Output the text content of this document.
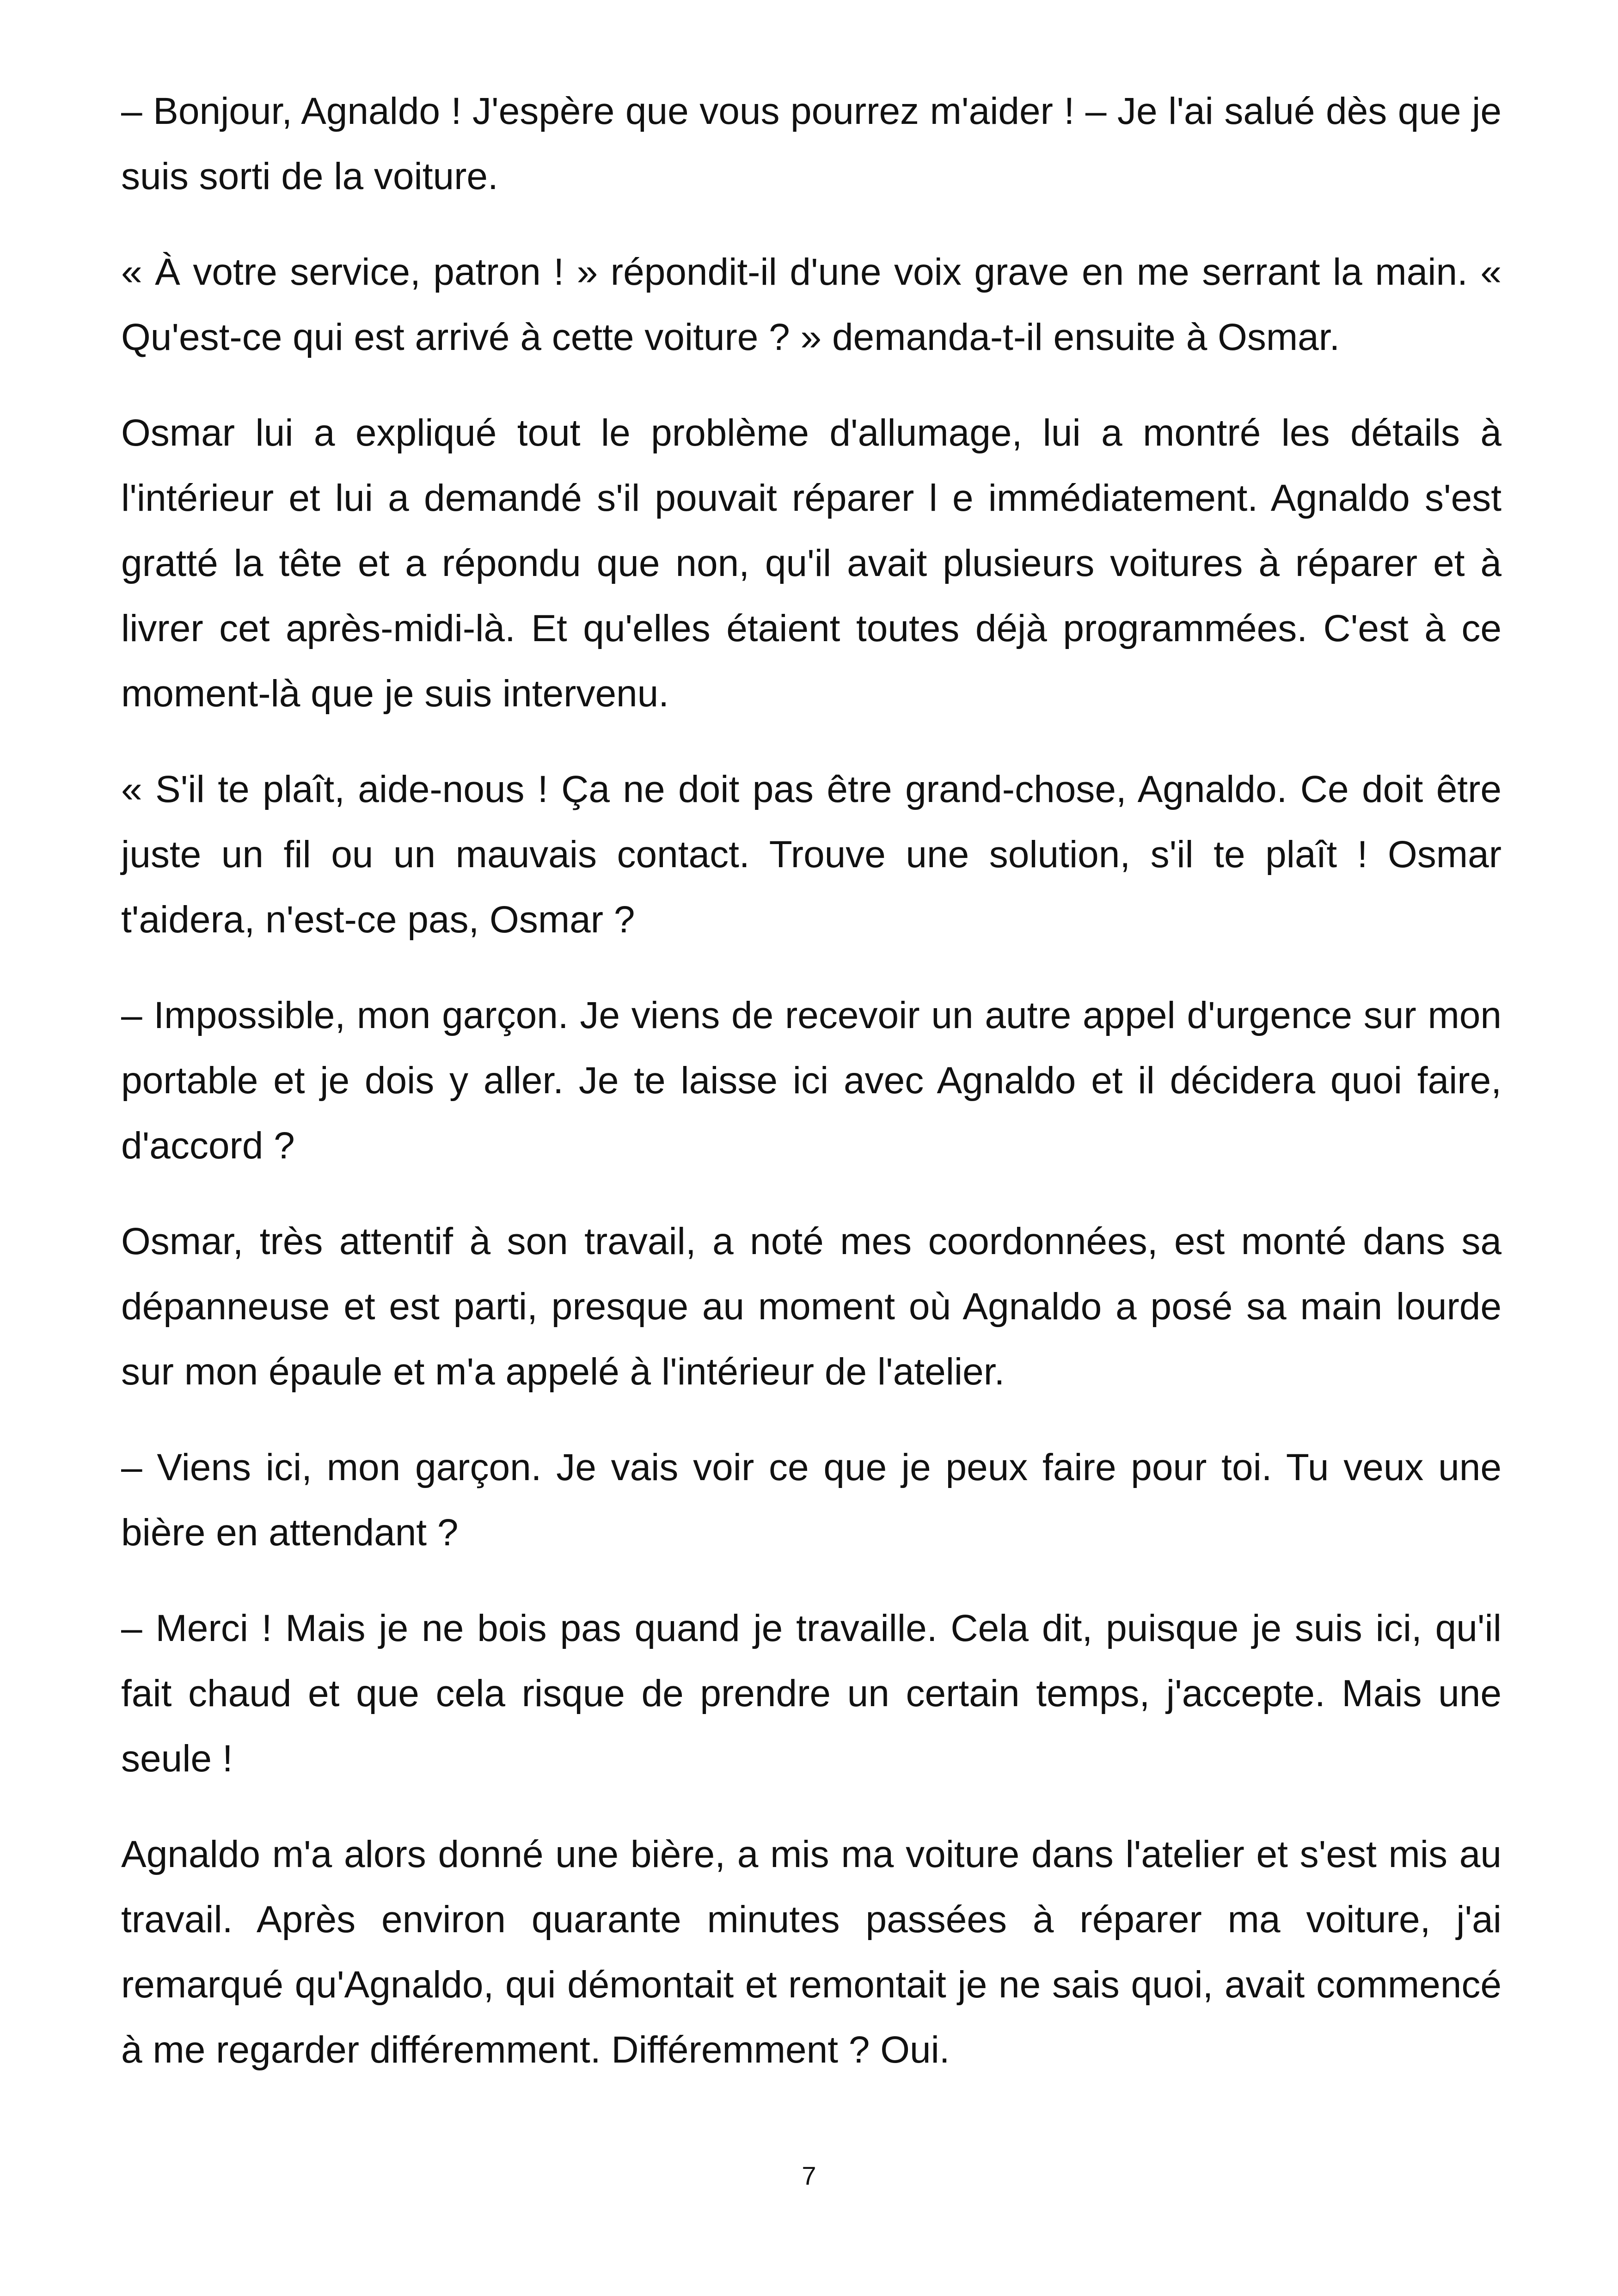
– Bonjour, Agnaldo ! J'espère que vous pourrez m'aider ! – Je l'ai salué dès que je suis sorti de la voiture.

« À votre service, patron ! » répondit-il d'une voix grave en me serrant la main. « Qu'est-ce qui est arrivé à cette voiture ? » demanda-t-il ensuite à Osmar.

Osmar lui a expliqué tout le problème d'allumage, lui a montré les détails à l'intérieur et lui a demandé s'il pouvait réparer l e immédiatement. Agnaldo s'est gratté la tête et a répondu que non, qu'il avait plusieurs voitures à réparer et à livrer cet après-midi-là. Et qu'elles étaient toutes déjà programmées. C'est à ce moment-là que je suis intervenu.

« S'il te plaît, aide-nous ! Ça ne doit pas être grand-chose, Agnaldo. Ce doit être juste un fil ou un mauvais contact. Trouve une solution, s'il te plaît ! Osmar t'aidera, n'est-ce pas, Osmar ?

– Impossible, mon garçon. Je viens de recevoir un autre appel d'urgence sur mon portable et je dois y aller. Je te laisse ici avec Agnaldo et il décidera quoi faire, d'accord ?

Osmar, très attentif à son travail, a noté mes coordonnées, est monté dans sa dépanneuse et est parti, presque au moment où Agnaldo a posé sa main lourde sur mon épaule et m'a appelé à l'intérieur de l'atelier.

– Viens ici, mon garçon. Je vais voir ce que je peux faire pour toi. Tu veux une bière en attendant ?

– Merci ! Mais je ne bois pas quand je travaille. Cela dit, puisque je suis ici, qu'il fait chaud et que cela risque de prendre un certain temps, j'accepte. Mais une seule !

Agnaldo m'a alors donné une bière, a mis ma voiture dans l'atelier et s'est mis au travail. Après environ quarante minutes passées à réparer ma voiture, j'ai remarqué qu'Agnaldo, qui démontait et remontait je ne sais quoi, avait commencé à me regarder différemment. Différemment ? Oui.

7
